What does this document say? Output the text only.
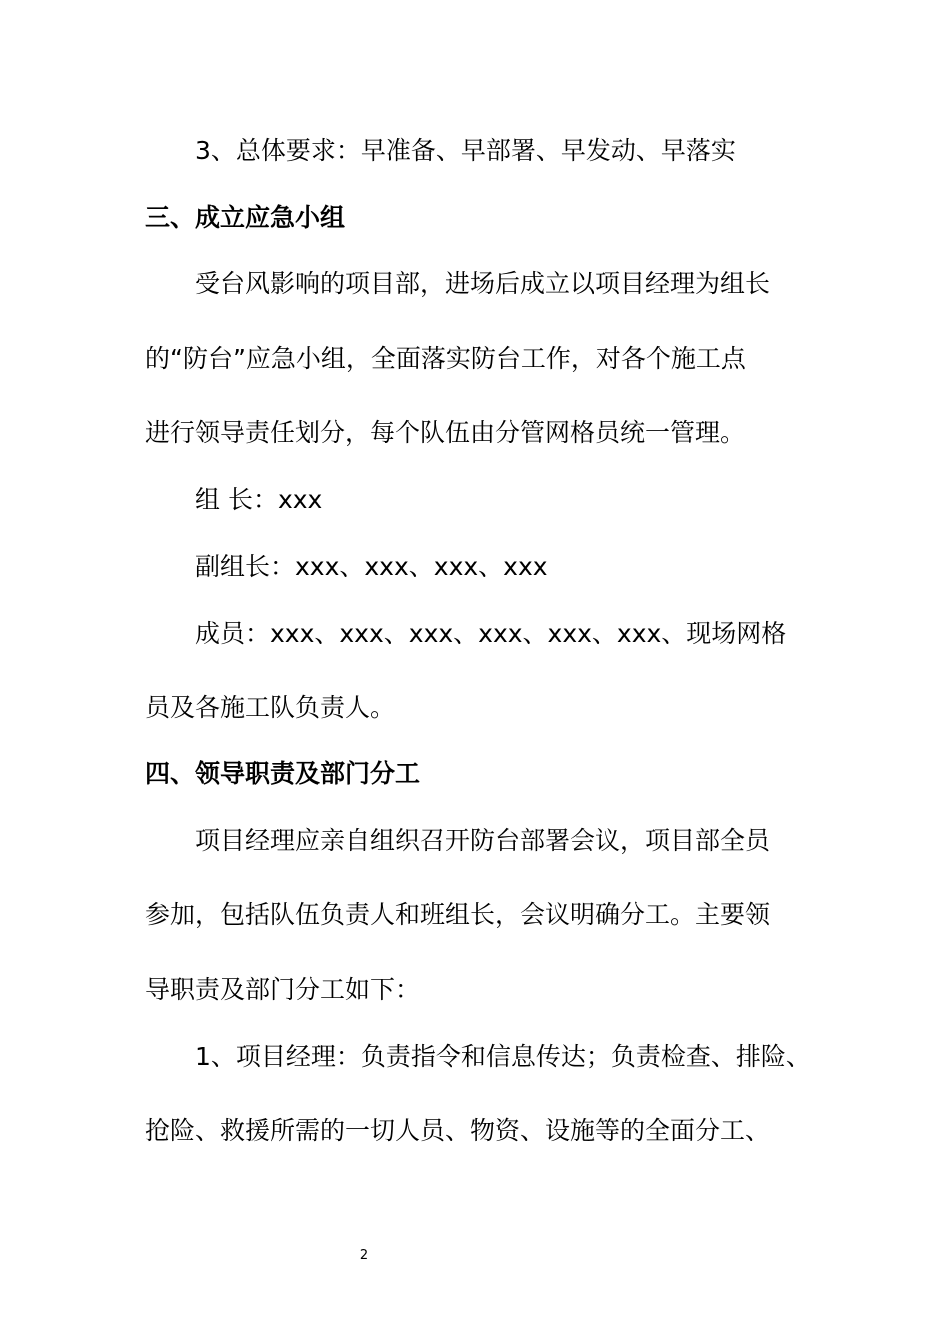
3、总体要求：早准备、早部署、早发动、早落实
三、成立应急小组
受台风影响的项目部，进场后成立以项目经理为组长
的“防台”应急小组，全面落实防台工作，对各个施工点
进行领导责任划分，每个队伍由分管网格员统一管理。
组 长：xxx
副组长：xxx、xxx、xxx、xxx
成员：xxx、xxx、xxx、xxx、xxx、xxx、现场网格
员及各施工队负责人。
四、领导职责及部门分工
项目经理应亲自组织召开防台部署会议，项目部全员
参加，包括队伍负责人和班组长，会议明确分工。主要领
导职责及部门分工如下：
1、项目经理：负责指令和信息传达；负责检查、排险、
抢险、救援所需的一切人员、物资、设施等的全面分工、
2
